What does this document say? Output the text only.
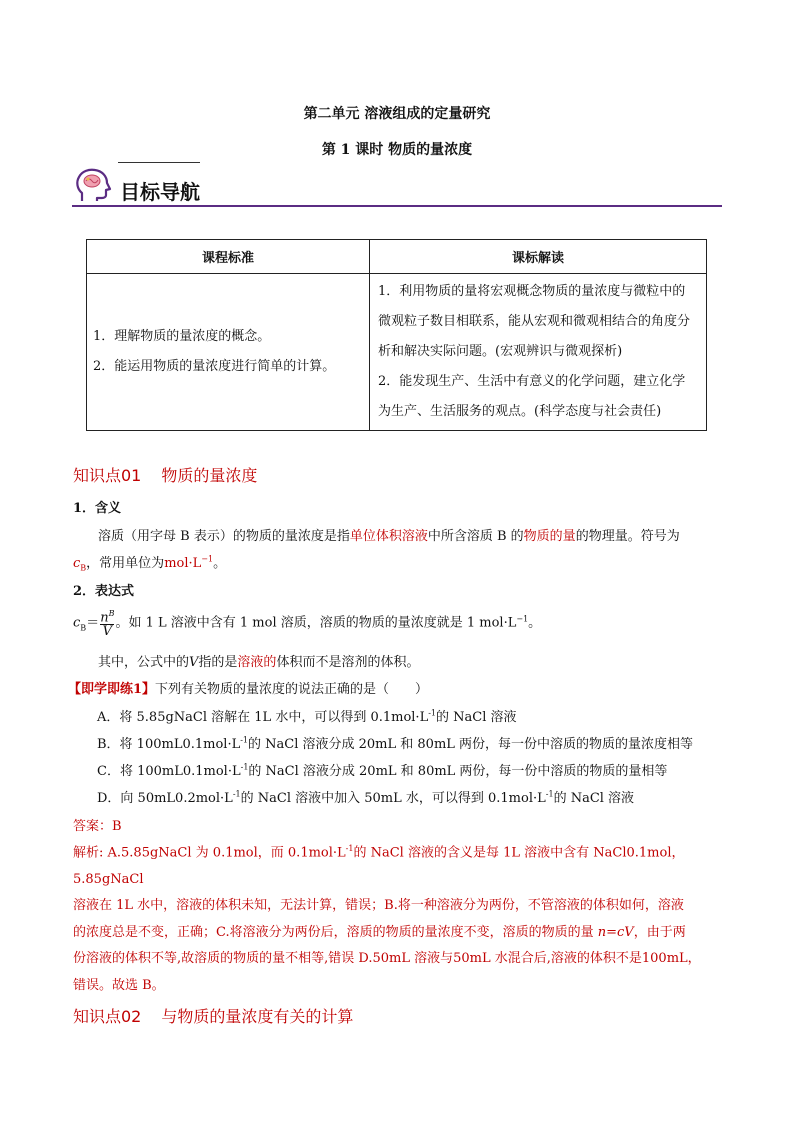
第二单元 溶液组成的定量研究
第 1 课时 物质的量浓度
目标导航
课程标准	课标解读

1．理解物质的量浓度的概念。
2．能运用物质的量浓度进行简单的计算。	1．利用物质的量将宏观概念物质的量浓度与微粒中的
微观粒子数目相联系，能从宏观和微观相结合的角度分
析和解决实际问题。(宏观辨识与微观探析)
2．能发现生产、生活中有意义的化学问题，建立化学
为生产、生活服务的观点。(科学态度与社会责任)
知识点01 物质的量浓度
1．含义
溶质（用字母 B 表示）的物质的量浓度是指单位体积溶液中所含溶质 B 的物质的量的物理量。符号为
$c_B$，常用单位为$mol\cdot L^{-1}$。
2．表达式
$c_B= \frac{n^B}{V}$ 。如 1 L 溶液中含有 1 mol 溶质，溶质的物质的量浓度就是 1 $mol\cdot L^{-1}$。
其中，公式中的V指的是溶液的体积而不是溶剂的体积。
【即学即练1】下列有关物质的量浓度的说法正确的是（　　）
A．将 5.85gNaCl 溶解在 1L 水中，可以得到 $0.1mol\cdot L^{-1}$的 NaCl 溶液
B．将 $100mL0.1mol\cdot L^{-1}$的 NaCl 溶液分成 20mL 和 80mL 两份，每一份中溶质的物质的量浓度相等
C．将 $100mL0.1mol\cdot L^{-1}$的 NaCl 溶液分成 20mL 和 80mL 两份，每一份中溶质的物质的量相等
D．向 $50mL0.2mol\cdot L^{-1}$的 NaCl 溶液中加入 50mL 水，可以得到 $0.1mol\cdot L^{-1}$的 NaCl 溶液
答案：B
解析: A.5.85gNaCl 为 0.1mol，而 $0.1mol\cdot L^{-1}$的 NaCl 溶液的含义是每 1L 溶液中含有 NaCl0.1mol，5.85gNaCl
溶液在 1L 水中，溶液的体积未知，无法计算，错误；B.将一种溶液分为两份，不管溶液的体积如何，溶液
的浓度总是不变，正确；C.将溶液分为两份后，溶质的物质的量浓度不变，溶质的物质的量 n=cV，由于两
份溶液的体积不等,故溶质的物质的量不相等,错误 D.50mL 溶液与50mL 水混合后,溶液的体积不是100mL，
错误。故选 B。
知识点02 与物质的量浓度有关的计算
